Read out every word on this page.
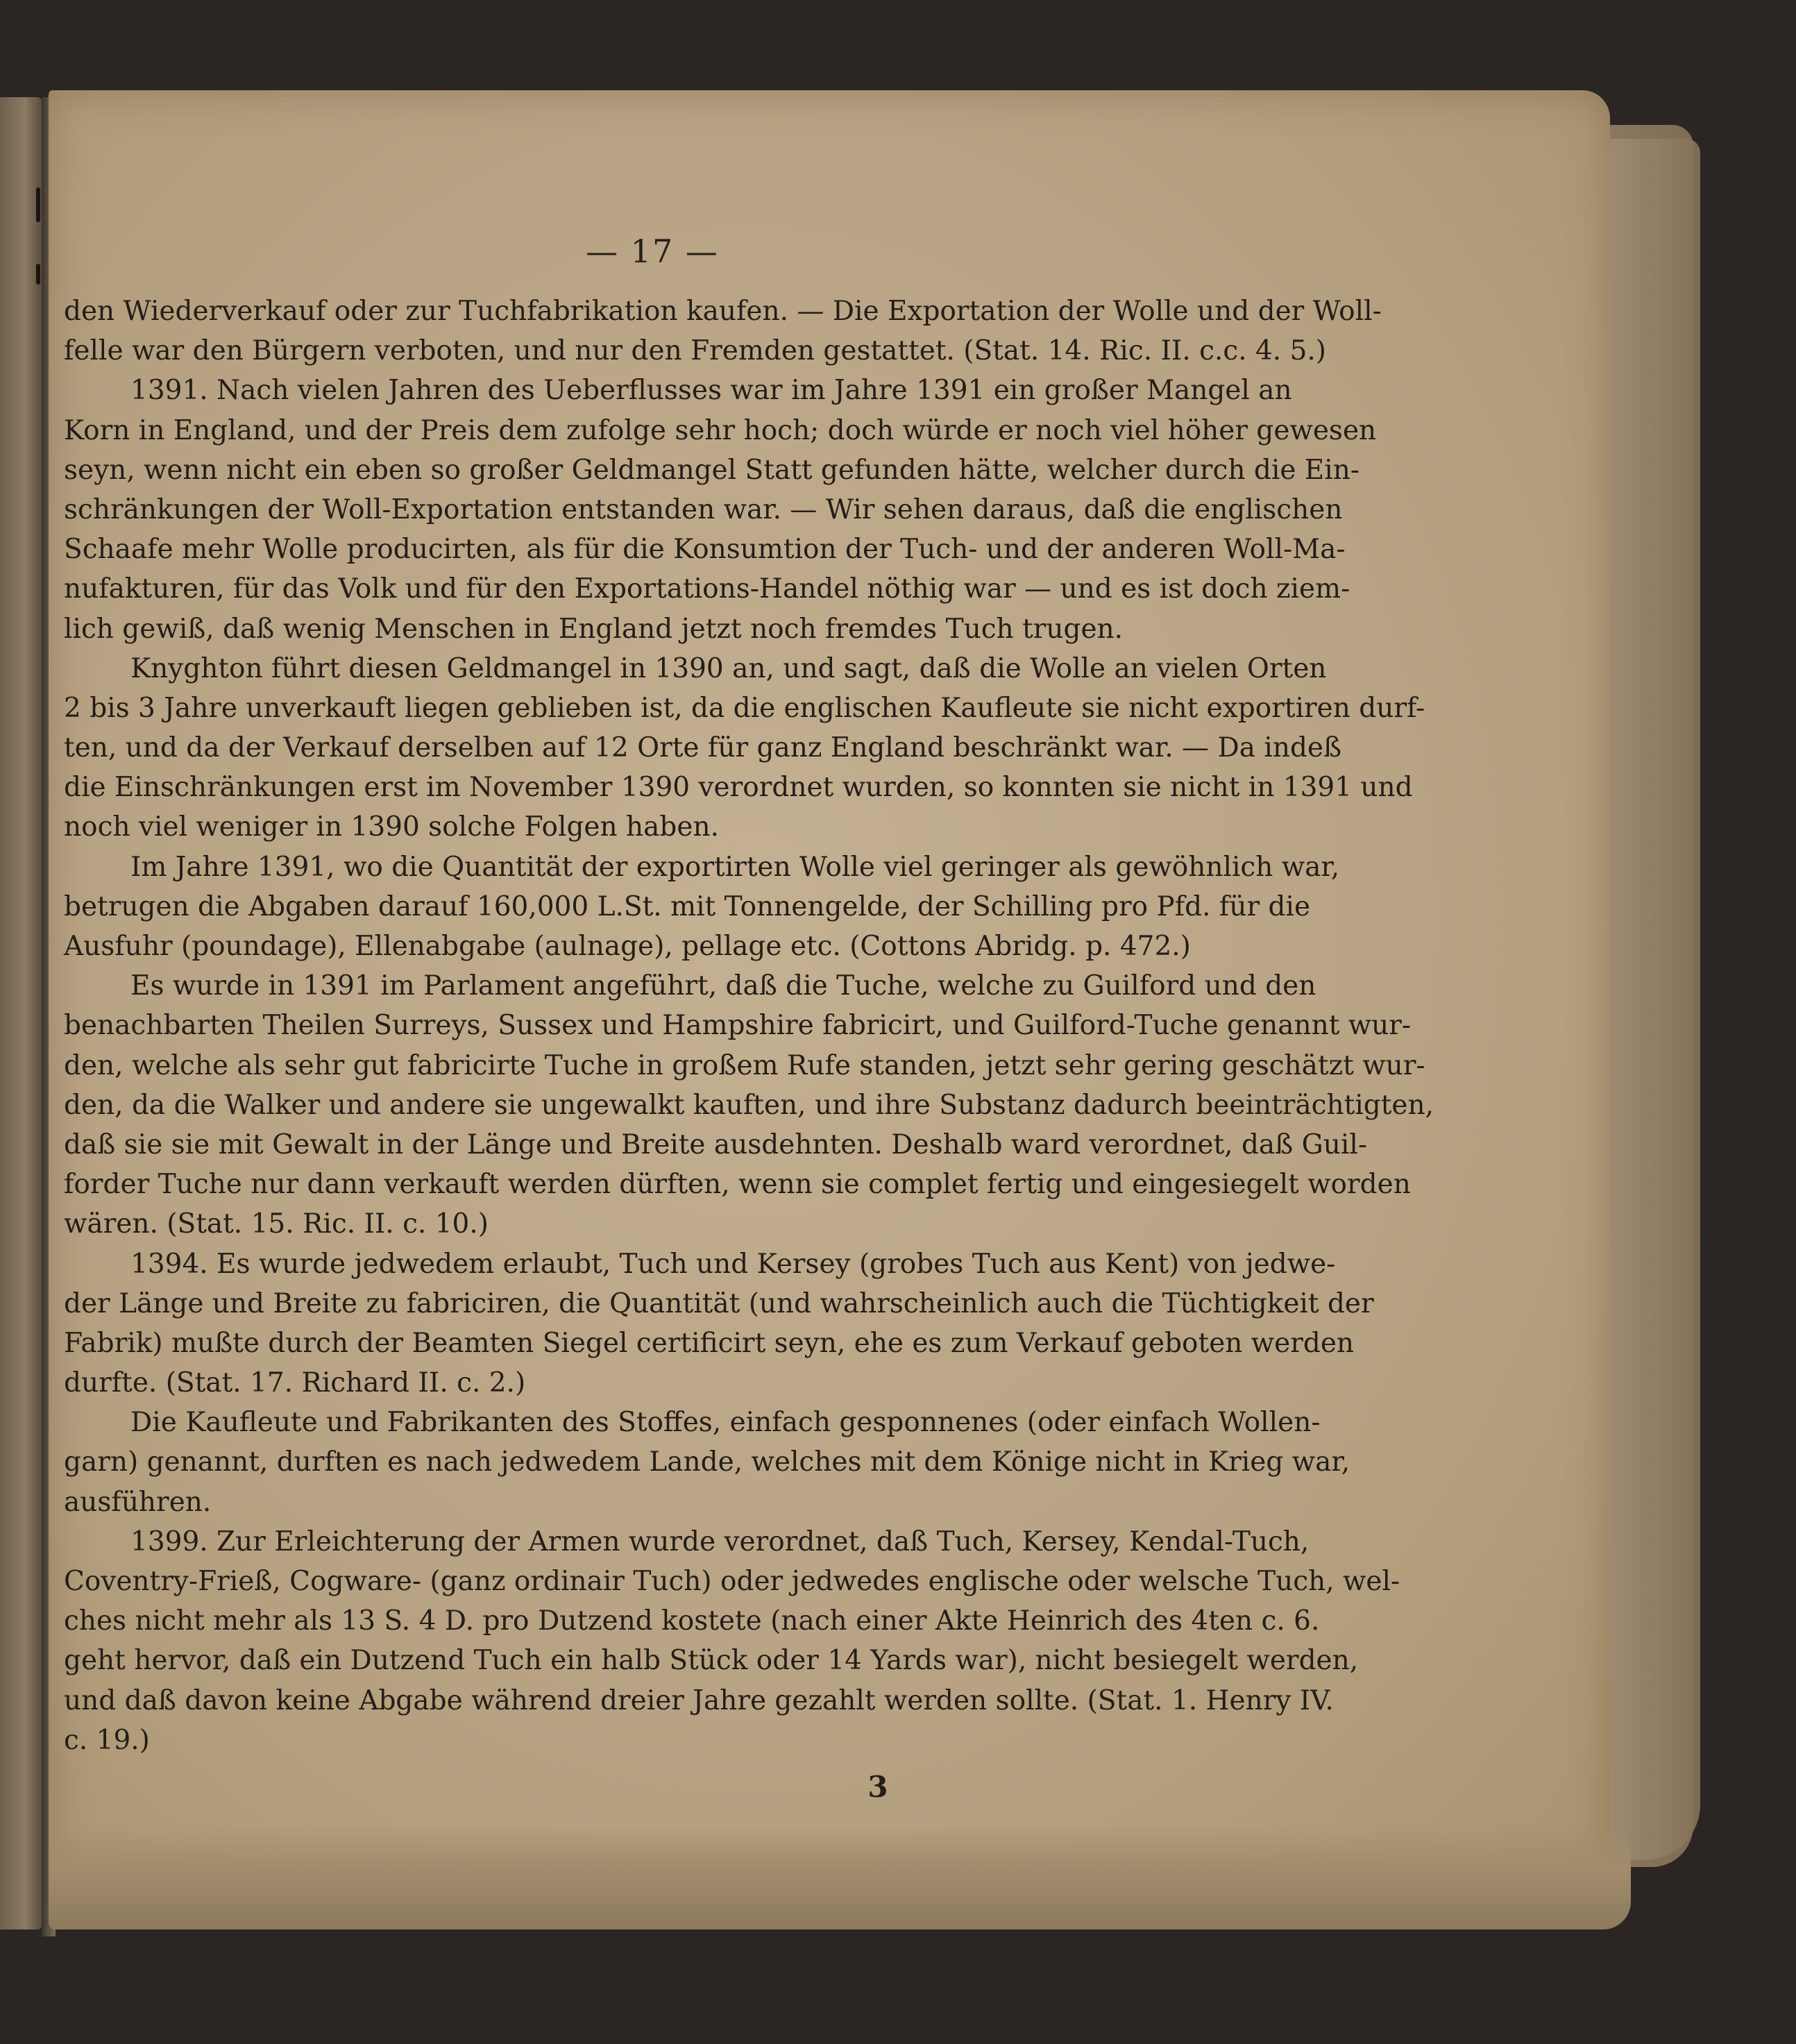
— 17 —

den Wiederverkauf oder zur Tuchfabrikation kaufen. — Die Exportation der Wolle und der Woll-

felle war den Bürgern verboten, und nur den Fremden gestattet. (Stat. 14. Ric. II. c.c. 4. 5.)

1391. Nach vielen Jahren des Ueberflusses war im Jahre 1391 ein großer Mangel an

Korn in England, und der Preis dem zufolge sehr hoch; doch würde er noch viel höher gewesen

seyn, wenn nicht ein eben so großer Geldmangel Statt gefunden hätte, welcher durch die Ein-

schränkungen der Woll-Exportation entstanden war. — Wir sehen daraus, daß die englischen

Schaafe mehr Wolle producirten, als für die Konsumtion der Tuch- und der anderen Woll-Ma-

nufakturen, für das Volk und für den Exportations-Handel nöthig war — und es ist doch ziem-

lich gewiß, daß wenig Menschen in England jetzt noch fremdes Tuch trugen.

Knyghton führt diesen Geldmangel in 1390 an, und sagt, daß die Wolle an vielen Orten

2 bis 3 Jahre unverkauft liegen geblieben ist, da die englischen Kaufleute sie nicht exportiren durf-

ten, und da der Verkauf derselben auf 12 Orte für ganz England beschränkt war. — Da indeß

die Einschränkungen erst im November 1390 verordnet wurden, so konnten sie nicht in 1391 und

noch viel weniger in 1390 solche Folgen haben.

Im Jahre 1391, wo die Quantität der exportirten Wolle viel geringer als gewöhnlich war,

betrugen die Abgaben darauf 160,000 L.St. mit Tonnengelde, der Schilling pro Pfd. für die

Ausfuhr (poundage), Ellenabgabe (aulnage), pellage etc. (Cottons Abridg. p. 472.)

Es wurde in 1391 im Parlament angeführt, daß die Tuche, welche zu Guilford und den

benachbarten Theilen Surreys, Sussex und Hampshire fabricirt, und Guilford-Tuche genannt wur-

den, welche als sehr gut fabricirte Tuche in großem Rufe standen, jetzt sehr gering geschätzt wur-

den, da die Walker und andere sie ungewalkt kauften, und ihre Substanz dadurch beeinträchtigten,

daß sie sie mit Gewalt in der Länge und Breite ausdehnten. Deshalb ward verordnet, daß Guil-

forder Tuche nur dann verkauft werden dürften, wenn sie complet fertig und eingesiegelt worden

wären. (Stat. 15. Ric. II. c. 10.)

1394. Es wurde jedwedem erlaubt, Tuch und Kersey (grobes Tuch aus Kent) von jedwe-

der Länge und Breite zu fabriciren, die Quantität (und wahrscheinlich auch die Tüchtigkeit der

Fabrik) mußte durch der Beamten Siegel certificirt seyn, ehe es zum Verkauf geboten werden

durfte. (Stat. 17. Richard II. c. 2.)

Die Kaufleute und Fabrikanten des Stoffes, einfach gesponnenes (oder einfach Wollen-

garn) genannt, durften es nach jedwedem Lande, welches mit dem Könige nicht in Krieg war,

ausführen.

1399. Zur Erleichterung der Armen wurde verordnet, daß Tuch, Kersey, Kendal-Tuch,

Coventry-Frieß, Cogware- (ganz ordinair Tuch) oder jedwedes englische oder welsche Tuch, wel-

ches nicht mehr als 13 S. 4 D. pro Dutzend kostete (nach einer Akte Heinrich des 4ten c. 6.

geht hervor, daß ein Dutzend Tuch ein halb Stück oder 14 Yards war), nicht besiegelt werden,

und daß davon keine Abgabe während dreier Jahre gezahlt werden sollte. (Stat. 1. Henry IV.

c. 19.)

3
